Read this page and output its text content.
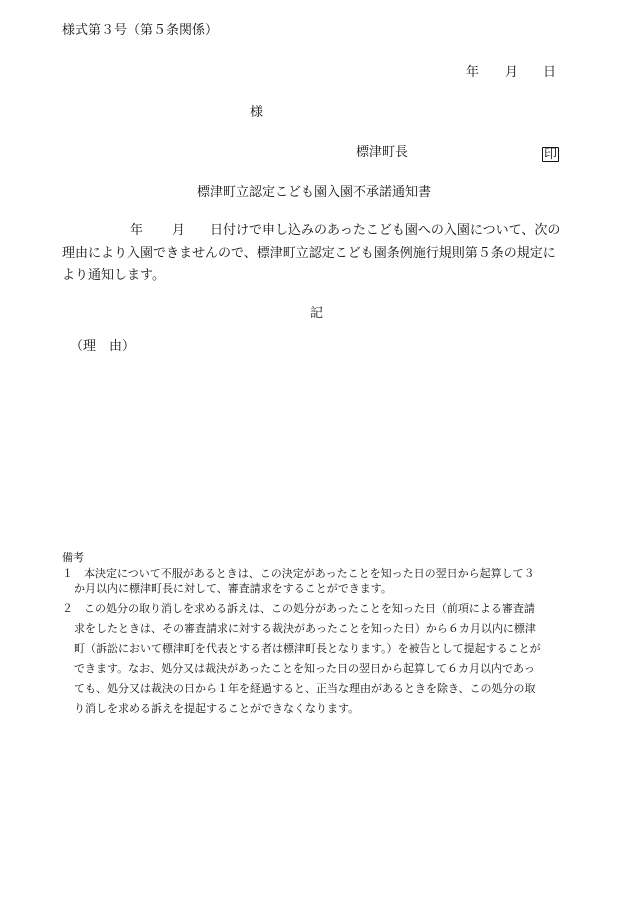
様式第３号（第５条関係）
年 月 日
様
標津町長	印
標津町立認定こども園入園不承諾通知書
年 月 日付けで申し込みのあったこども園への入園について、次の
理由により入園できませんので、標津町立認定こども園条例施行規則第５条の規定に
より通知します。
記
（理　由）
備考
１　本決定について不服があるときは、この決定があったことを知った日の翌日から起算して３
か月以内に標津町長に対して、審査請求をすることができます。
２　この処分の取り消しを求める訴えは、この処分があったことを知った日（前項による審査請
求をしたときは、その審査請求に対する裁決があったことを知った日）から６カ月以内に標津
町（訴訟において標津町を代表とする者は標津町長となります。）を被告として提起することが
できます。なお、処分又は裁決があったことを知った日の翌日から起算して６カ月以内であっ
ても、処分又は裁決の日から１年を経過すると、正当な理由があるときを除き、この処分の取
り消しを求める訴えを提起することができなくなります。
